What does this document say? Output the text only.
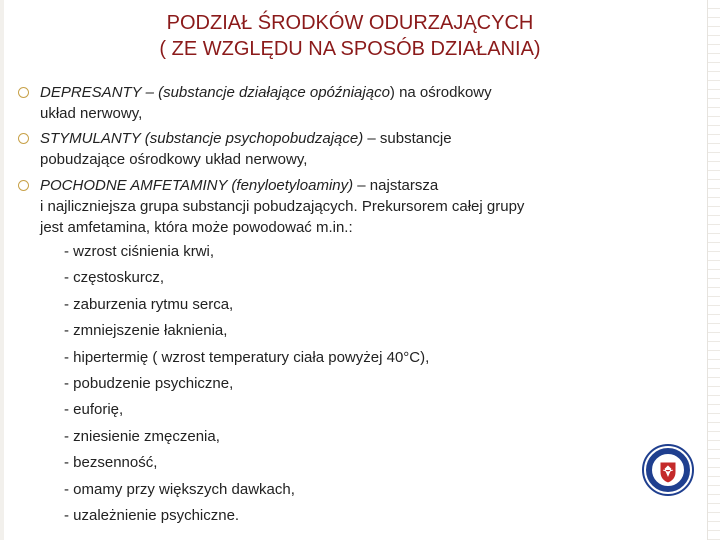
PODZIAŁ ŚRODKÓW ODURZAJĄCYCH
( ZE WZGLĘDU NA SPOSÓB DZIAŁANIA)
DEPRESANTY – (substancje działające opóźniająco) na ośrodkowy
układ nerwowy,
STYMULANTY (substancje psychopobudzające) – substancje
pobudzające ośrodkowy układ nerwowy,
POCHODNE AMFETAMINY (fenyloetyloaminy) – najstarsza
i najliczniejsza grupa substancji pobudzających. Prekursorem całej grupy
jest amfetamina, która może powodować m.in.:
- wzrost ciśnienia krwi,
- częstoskurcz,
- zaburzenia rytmu serca,
- zmniejszenie łaknienia,
- hipertermię ( wzrost temperatury ciała powyżej 40°C),
- pobudzenie psychiczne,
- euforię,
- zniesienie zmęczenia,
- bezsenność,
- omamy przy większych dawkach,
- uzależnienie psychiczne.
